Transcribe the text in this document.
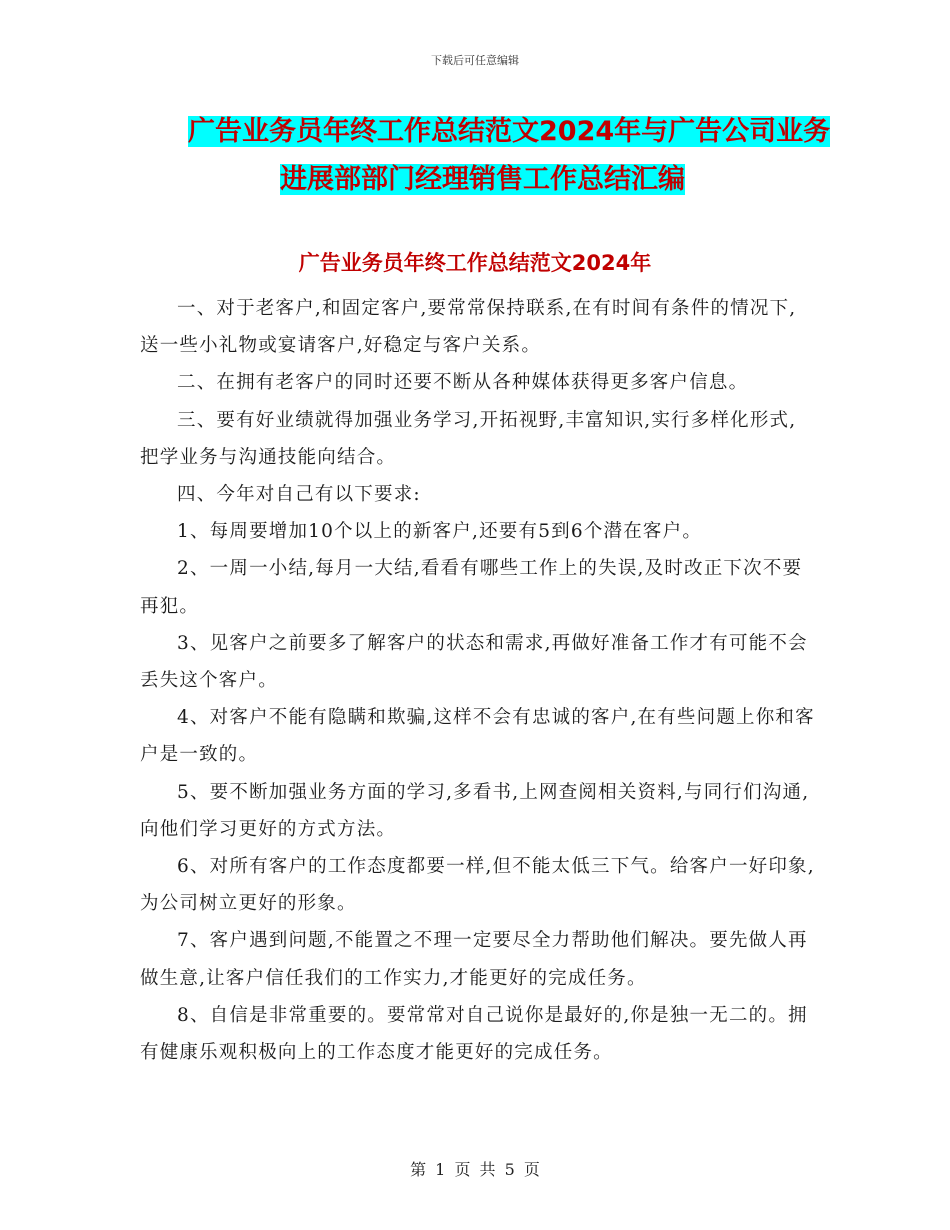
下载后可任意编辑
广告业务员年终工作总结范文2024年与广告公司业务
进展部部门经理销售工作总结汇编
广告业务员年终工作总结范文2024年

一、对于老客户,和固定客户,要常常保持联系,在有时间有条件的情况下,送一些小礼物或宴请客户,好稳定与客户关系。

二、在拥有老客户的同时还要不断从各种媒体获得更多客户信息。

三、要有好业绩就得加强业务学习,开拓视野,丰富知识,实行多样化形式,把学业务与沟通技能向结合。

四、今年对自己有以下要求:

1、每周要增加10个以上的新客户,还要有5到6个潜在客户。

2、一周一小结,每月一大结,看看有哪些工作上的失误,及时改正下次不要再犯。

3、见客户之前要多了解客户的状态和需求,再做好准备工作才有可能不会丢失这个客户。

4、对客户不能有隐瞒和欺骗,这样不会有忠诚的客户,在有些问题上你和客户是一致的。

5、要不断加强业务方面的学习,多看书,上网查阅相关资料,与同行们沟通,向他们学习更好的方式方法。

6、对所有客户的工作态度都要一样,但不能太低三下气。给客户一好印象,为公司树立更好的形象。

7、客户遇到问题,不能置之不理一定要尽全力帮助他们解决。要先做人再做生意,让客户信任我们的工作实力,才能更好的完成任务。

8、自信是非常重要的。要常常对自己说你是最好的,你是独一无二的。拥有健康乐观积极向上的工作态度才能更好的完成任务。

第 1 页 共 5 页
